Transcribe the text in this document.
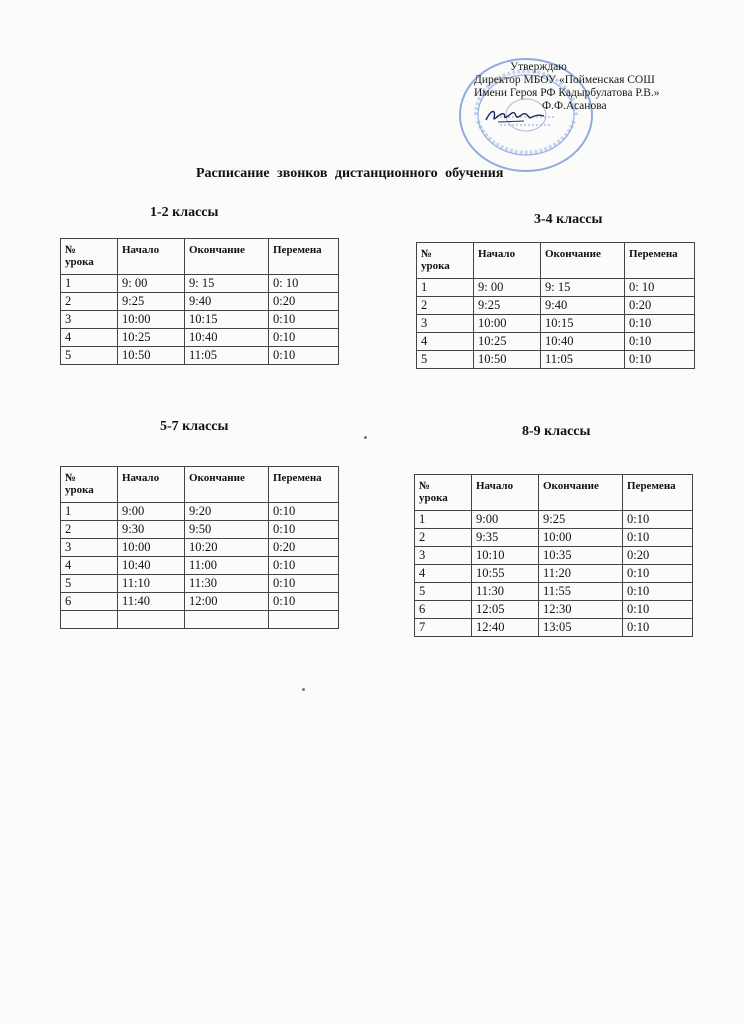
Утверждаю
Директор МБОУ «Пойменская СОШ
Имени Героя РФ Кадырбулатова Р.В.»
Ф.Ф.Асанова
Расписание звонков дистанционного обучения
1-2 классы	3-4 классы
5-7 классы	8-9 классы
№
урока	Начало	Окончание	Перемена
1	9: 00	9: 15	0: 10
2	9:25	9:40	0:20
3	10:00	10:15	0:10
4	10:25	10:40	0:10
5	10:50	11:05	0:10
№
урока	Начало	Окончание	Перемена
1	9: 00	9: 15	0: 10
2	9:25	9:40	0:20
3	10:00	10:15	0:10
4	10:25	10:40	0:10
5	10:50	11:05	0:10
№
урока	Начало	Окончание	Перемена
1	9:00	9:20	0:10
2	9:30	9:50	0:10
3	10:00	10:20	0:20
4	10:40	11:00	0:10
5	11:10	11:30	0:10
6	11:40	12:00	0:10

№
урока	Начало	Окончание	Перемена
1	9:00	9:25	0:10
2	9:35	10:00	0:10
3	10:10	10:35	0:20
4	10:55	11:20	0:10
5	11:30	11:55	0:10
6	12:05	12:30	0:10
7	12:40	13:05	0:10
